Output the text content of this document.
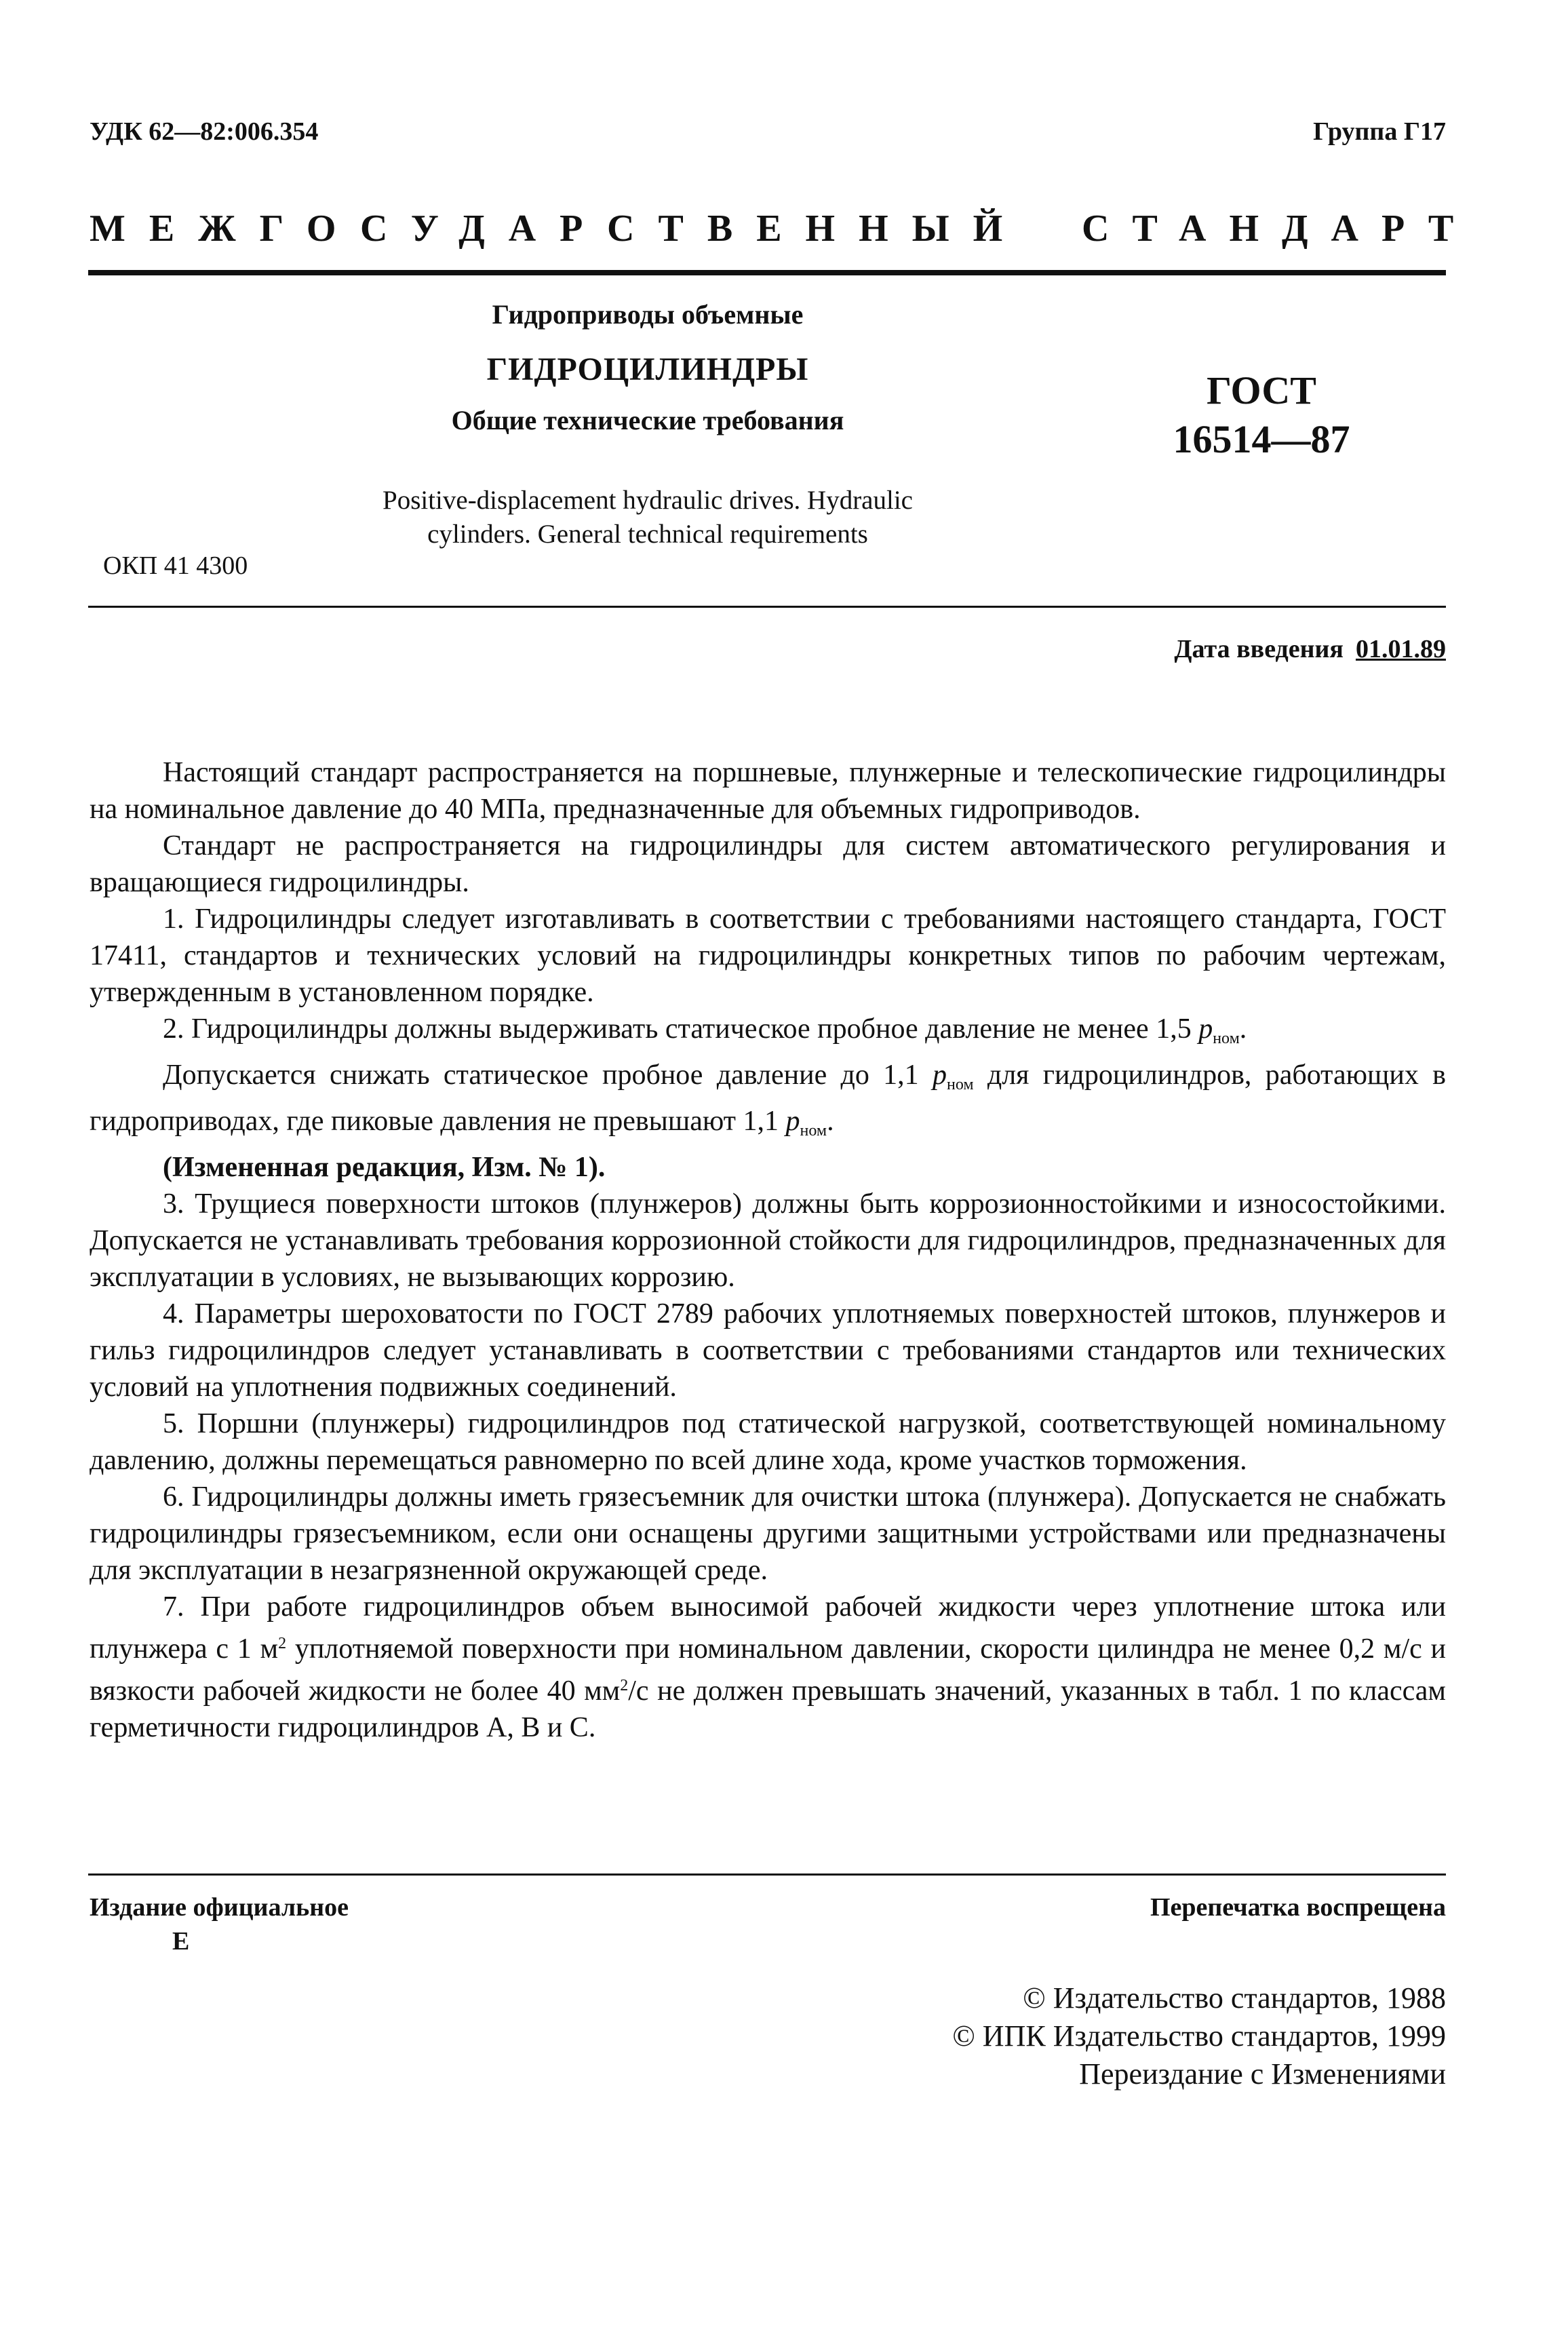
УДК 62—82:006.354	Группа Г17
МЕЖГОСУДАРСТВЕННЫЙ СТАНДАРТ
Гидроприводы объемные
ГИДРОЦИЛИНДРЫ
Общие технические требования
Positive-displacement hydraulic drives. Hydraulic
cylinders. General technical requirements
ГОСТ
16514—87
ОКП 41 4300
Дата введения 01.01.89

Настоящий стандарт распространяется на поршневые, плунжерные и телескопические гидроцилиндры на номинальное давление до 40 МПа, предназначенные для объемных гидроприводов.

Стандарт не распространяется на гидроцилиндры для систем автоматического регулирования и вращающиеся гидроцилиндры.

1. Гидроцилиндры следует изготавливать в соответствии с требованиями настоящего стандарта, ГОСТ 17411, стандартов и технических условий на гидроцилиндры конкретных типов по рабочим чертежам, утвержденным в установленном порядке.

2. Гидроцилиндры должны выдерживать статическое пробное давление не менее 1,5 $p_{ном}$.

Допускается снижать статическое пробное давление до 1,1 $p_{ном}$ для гидроцилиндров, работающих в гидроприводах, где пиковые давления не превышают 1,1 $p_{ном}$.

(Измененная редакция, Изм. № 1).

3. Трущиеся поверхности штоков (плунжеров) должны быть коррозионностойкими и износостойкими. Допускается не устанавливать требования коррозионной стойкости для гидроцилиндров, предназначенных для эксплуатации в условиях, не вызывающих коррозию.

4. Параметры шероховатости по ГОСТ 2789 рабочих уплотняемых поверхностей штоков, плунжеров и гильз гидроцилиндров следует устанавливать в соответствии с требованиями стандартов или технических условий на уплотнения подвижных соединений.

5. Поршни (плунжеры) гидроцилиндров под статической нагрузкой, соответствующей номинальному давлению, должны перемещаться равномерно по всей длине хода, кроме участков торможения.

6. Гидроцилиндры должны иметь грязесъемник для очистки штока (плунжера). Допускается не снабжать гидроцилиндры грязесъемником, если они оснащены другими защитными устройствами или предназначены для эксплуатации в незагрязненной окружающей среде.

7. При работе гидроцилиндров объем выносимой рабочей жидкости через уплотнение штока или плунжера с 1 $м^2$ уплотняемой поверхности при номинальном давлении, скорости цилиндра не менее 0,2 м/с и вязкости рабочей жидкости не более 40 $мм^2/с$ не должен превышать значений, указанных в табл. 1 по классам герметичности гидроцилиндров А, В и С.

Издание официальное
Е
Перепечатка воспрещена
© Издательство стандартов, 1988
© ИПК Издательство стандартов, 1999
Переиздание с Изменениями
